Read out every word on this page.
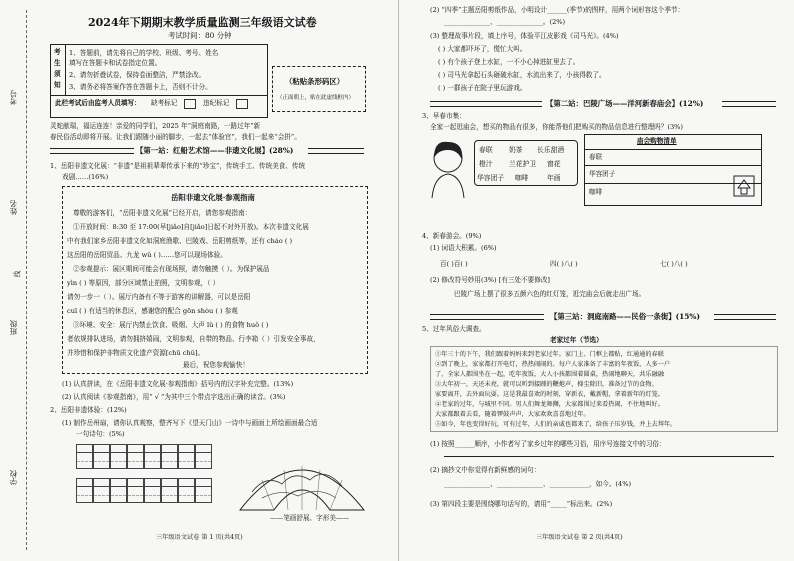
学校
班级
姓名
考号
线
2024年下期期末教学质量监测三年级语文试卷
考试时间：80 分钟
考
生
须
知
1、答题前，请先将自己的学校、班级、考号、姓名
填写在答题卡和试卷指定位置。
2、请勿折叠试卷，保持卷面整洁，严禁涂改。
3、请务必将答案作答在答题卡上，否则不计分。
此栏考试后由监考人员填写： 缺考标记	违纪标记
（粘贴条形码区）
（正面朝上，贴在此虚线框内）
灵蛇献瑞，福运连连！亲爱的同学们，2025 年“洞庭南路，一路过年”新
春民俗活动即将开展。让我们跟随小丽的脚步，一起去“体验官”，我们一起来“会拼”。
【第一站：红船艺术馆——非遗文化展】(28%)
1、岳阳非遗文化展：“非遗”是祖祖辈辈传承下来的“珍宝”，传统手工、传统美食、传统
戏剧……(16%)
岳阳非遗文化展·参观指南
尊敬的游客们，“岳阳非遗文化展”已经开启，请您参观指南：
①开放时间：8:30 至 17:00(早[jiǎo]自[jiǎo]日起不对外开放)。本次非遗文化展
中有我们家乡岳阳非遗文化如洞庭渔歌、巴陵戏、岳阳剪纸等，还有 cháo ( )
这岳阳的岳阳贸品、九龙 wǔ ( )……您可以现场体验。
②参观提示：展区期间可能会有现场照，请勿触摸（ ）。为保护展品
yìn ( ) 等原因，部分区域禁止拍照，文明参观，（ ）
请勿一步一（ ）。展厅内备有不等于游客的讲解器，可以是岳阳
cuī ( ) 有适当的休息区，感谢您的配合 gōn shòu ( ) 参观
③环境、安全：展厅内禁止饮食、吸烟、大声 lǔ ( ) 的食物 huǒ ( )
者依规排队进场，请勿拥挤嬉闹，文明参观，自带的物品、行李箱（ ）引发安全事故，
并珍惜和保护非物质文化遗产资源[chū chǔ]。
最后，祝您参观愉快！
(1) 认真拼读，在《岳阳非遗文化展·参观指南》括号内的汉字补充完整。(13%)
(2) 认真阅读《参观指南》，用“ √ ”为其中三个带点字选出正确的读音。(3%)
2、岳阳非遗体验：(12%)
(1) 制作岳州扇，请你认真观察，整齐写下《望天门山》一诗中与画面上所绘画面最合适
一句诗句：(5%)
——笔画舒展、字形美——
三年级语文试卷 第 1 页(共4页)
(2) “四季”主题岳阳剪纸作品，小明设计______(季节)的图样，用两个词形容这个季节：
______________、______________。(2%)
(3) 整理故事片段，填上序号，体验平江皮影戏《司马光》。(4%)
( ) 大家都吓坏了，慌忙大叫。
( ) 有个孩子登上水缸，一不小心掉进缸里去了。
( ) 司马光拿起石头砸破水缸，水流出来了，小孩得救了。
( ) 一群孩子在院子里玩游戏。
【第二站：巴陵广场——洋河新春庙会】(12%)
3、早春市集：
全家一起逛庙会，想买的物品有很多，你能帮他们把购买的物品信息进行整理吗？(3%)
春联 奶茶 长乐甜酒
橙汁 兰花护卫 窗花
华容团子 咖啡	年画
庙会购物清单
春联
华容团子
咖啡
4、新春游会。(9%)
(1) 词语大积累。(6%)
百( )百( )	四( )八( )	七( )八( )
(2) 修改符号妙用(3%) [有三处不要修改]
巴陵广场上摆了很多五颜六色的红灯笼，逛完庙会后就走出广场。
【第三站：洞庭南路——民俗一条街】(15%)
5、过年风俗大调查。
老家过年（节选）
①年三十的下午，我们跟着妈妈来到老家过年。家门上、门框上都贴，红通通的春联
②到了晚上，家家都打开电灯，热热闹闹的。每户人家准备了丰富的年夜饭，人多一户
了，全家人都围坐在一起，吃年夜饭，大人小孩都围着圆桌，热闹地聊天，共乐融融
③大年初一，天还未亮，就可以听到接踵的鞭炮声，掸尘除旧，准备过节的食物。
家要离开，去外面玩耍。这是我最喜欢的时刻，穿新衣，戴新帽，拿着新年的灯笼。
④老家的过年，与城里不同。男人们舞龙舞狮，大家都围过来看热闹，不住地叫好。
大家都跟着去看，随着锣鼓声声，大家欢欢喜喜地过年。
⑤如今，年也变得好玩，可有过年，人们的亲戚也都来了，给孩子压岁钱，并上去拜年。
(1) 按照______顺序，小作者写了家乡过年的哪些习俗，用序号连接文中的习俗：
(2) 摘抄文中你觉得有新鲜感的词句：
______________、______________、____________，如今。(4%)
(3) 第四段主要是围绕哪句话写的，请用“_____”标出来。(2%)
三年级语文试卷 第 2 页(共4页)
